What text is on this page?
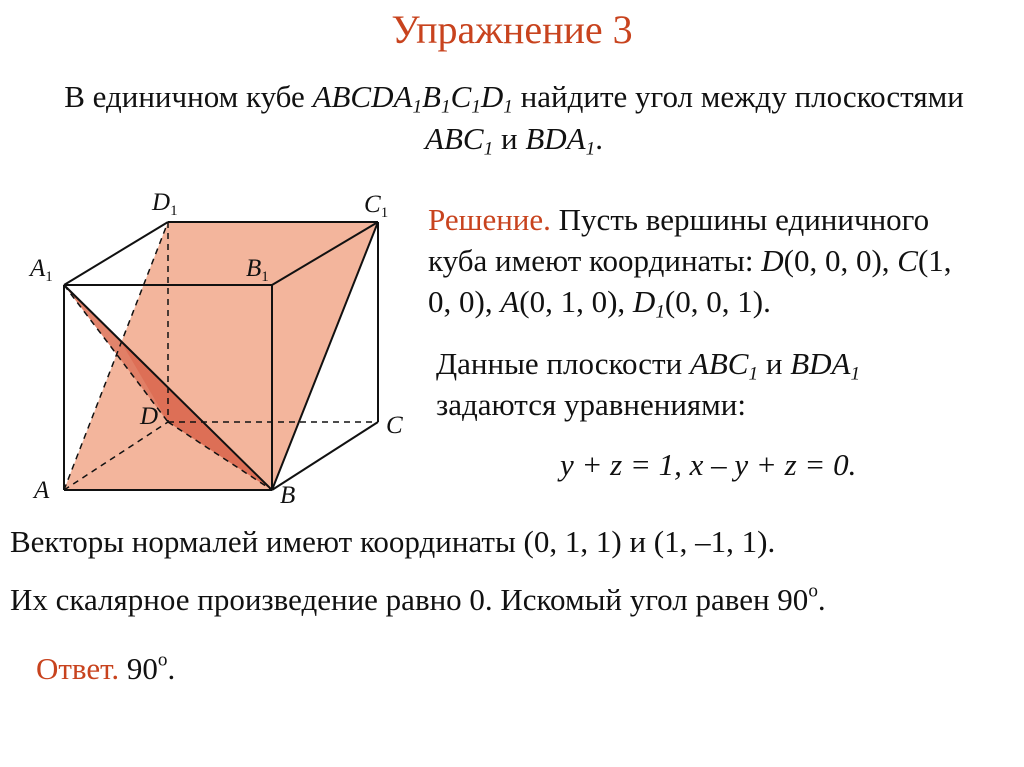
Упражнение 3
В единичном кубе $ABCDA_1B_1C_1D_1$ найдите угол между плоскостями
$ABC_1$ и $BDA_1$.
A	B
C
D
$A_1$	$B_1$
$C_1$
$D_1$	Решение. Пусть вершины единичного
куба имеют координаты: D(0, 0, 0), C(1,
0, 0), A(0, 1, 0), $D_1(0$, 0, 1).
Данные плоскости $ABC_1$ и $BDA_1$
задаются уравнениями:
y + z = 1, x – y + z = 0.
Векторы нормалей имеют координаты (0, 1, 1) и (1, –1, 1).
Их скалярное произведение равно 0. Искомый угол равен 90$^o$.
Ответ. 90$^o$.
